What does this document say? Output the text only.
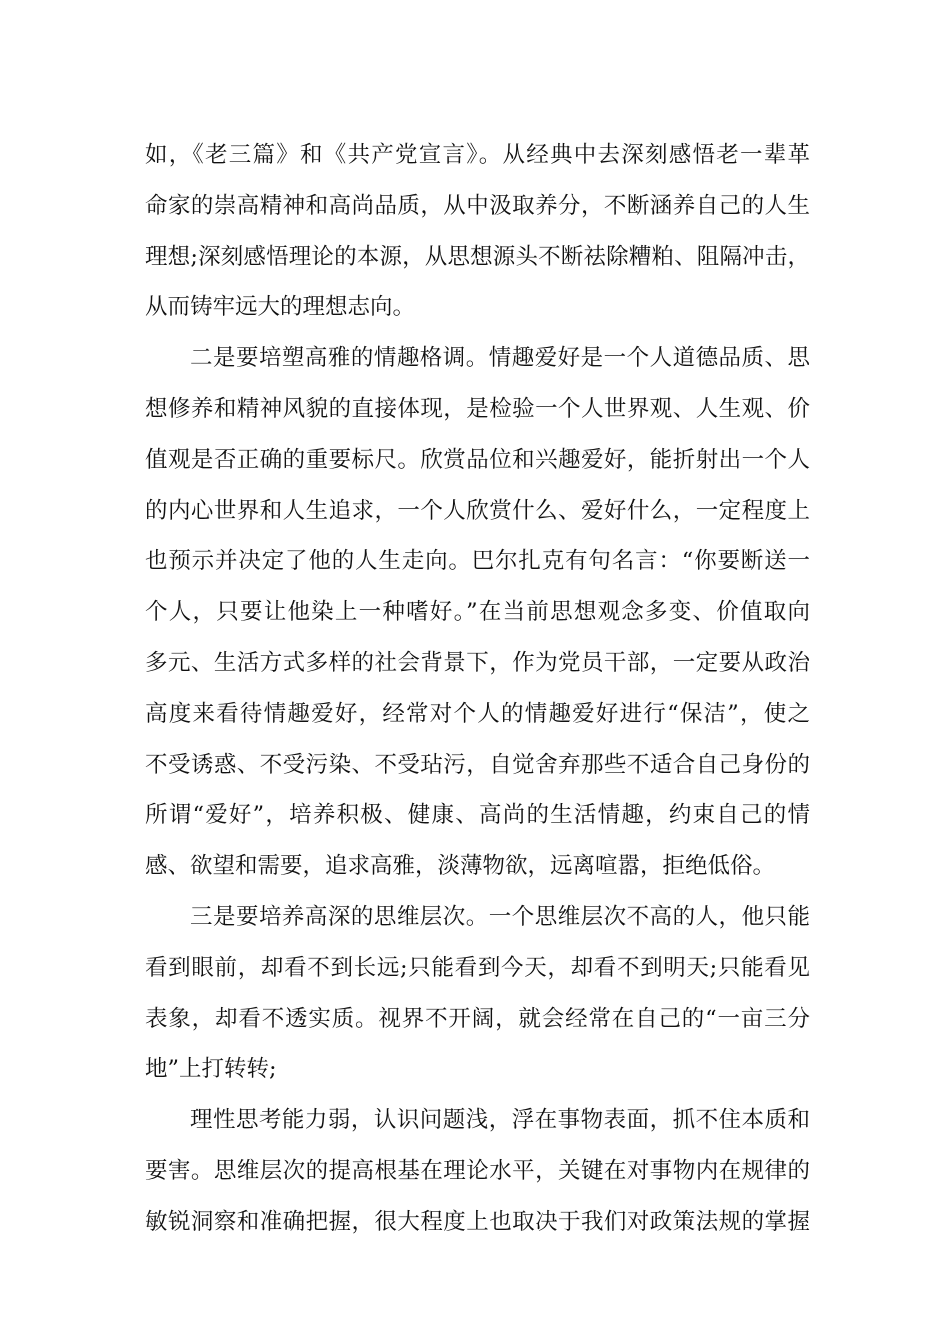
如，《老三篇》和《共产党宣言》。从经典中去深刻感悟老一辈革
命家的崇高精神和高尚品质，从中汲取养分，不断涵养自己的人生
理想;深刻感悟理论的本源，从思想源头不断祛除糟粕、阻隔冲击，
从而铸牢远大的理想志向。
二是要培塑高雅的情趣格调。情趣爱好是一个人道德品质、思
想修养和精神风貌的直接体现，是检验一个人世界观、人生观、价
值观是否正确的重要标尺。欣赏品位和兴趣爱好，能折射出一个人
的内心世界和人生追求，一个人欣赏什么、爱好什么，一定程度上
也预示并决定了他的人生走向。巴尔扎克有句名言：“你要断送一
个人，只要让他染上一种嗜好。”在当前思想观念多变、价值取向
多元、生活方式多样的社会背景下，作为党员干部，一定要从政治
高度来看待情趣爱好，经常对个人的情趣爱好进行“保洁”，使之
不受诱惑、不受污染、不受玷污，自觉舍弃那些不适合自己身份的
所谓“爱好”，培养积极、健康、高尚的生活情趣，约束自己的情
感、欲望和需要，追求高雅，淡薄物欲，远离喧嚣，拒绝低俗。
三是要培养高深的思维层次。一个思维层次不高的人，他只能
看到眼前，却看不到长远;只能看到今天，却看不到明天;只能看见
表象，却看不透实质。视界不开阔，就会经常在自己的“一亩三分
地”上打转转;
理性思考能力弱，认识问题浅，浮在事物表面，抓不住本质和
要害。思维层次的提高根基在理论水平，关键在对事物内在规律的
敏锐洞察和准确把握，很大程度上也取决于我们对政策法规的掌握
